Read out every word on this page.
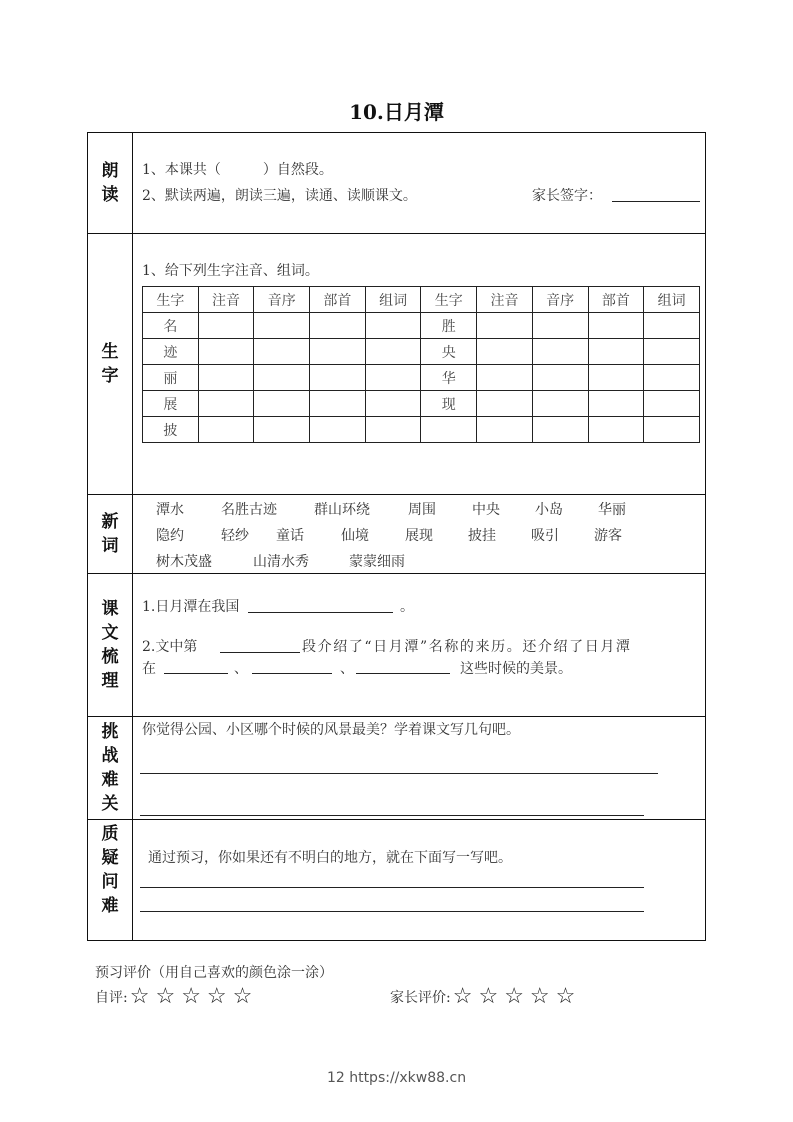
10.日月潭
朗
读
1、本课共（　　　）自然段。
2、默读两遍，朗读三遍，读通、读顺课文。	家长签字：
生
字
1、给下列生字注音、组词。
生字	注音	音序	部首	组词	生字	注音	音序	部首	组词
名					胜				
迹					央				
丽					华				
展					现				
披									
新
词
潭水	名胜古迹	群山环绕	周围	中央	小岛	华丽
隐约	轻纱 童话	仙境	展现	披挂	吸引	游客
树木茂盛	山清水秀	蒙蒙细雨
课
文
梳
理
1.日月潭在我国	。
2.文中第	段介绍了“日月潭”名称的来历。还介绍了日月潭
在	、	、	这些时候的美景。
挑
战
难
关
你觉得公园、小区哪个时候的风景最美？学着课文写几句吧。
质
疑
问
难
通过预习，你如果还有不明白的地方，就在下面写一写吧。
预习评价（用自己喜欢的颜色涂一涂）
自评: ☆ ☆ ☆ ☆ ☆	家长评价: ☆ ☆ ☆ ☆ ☆
12 https://xkw88.cn
